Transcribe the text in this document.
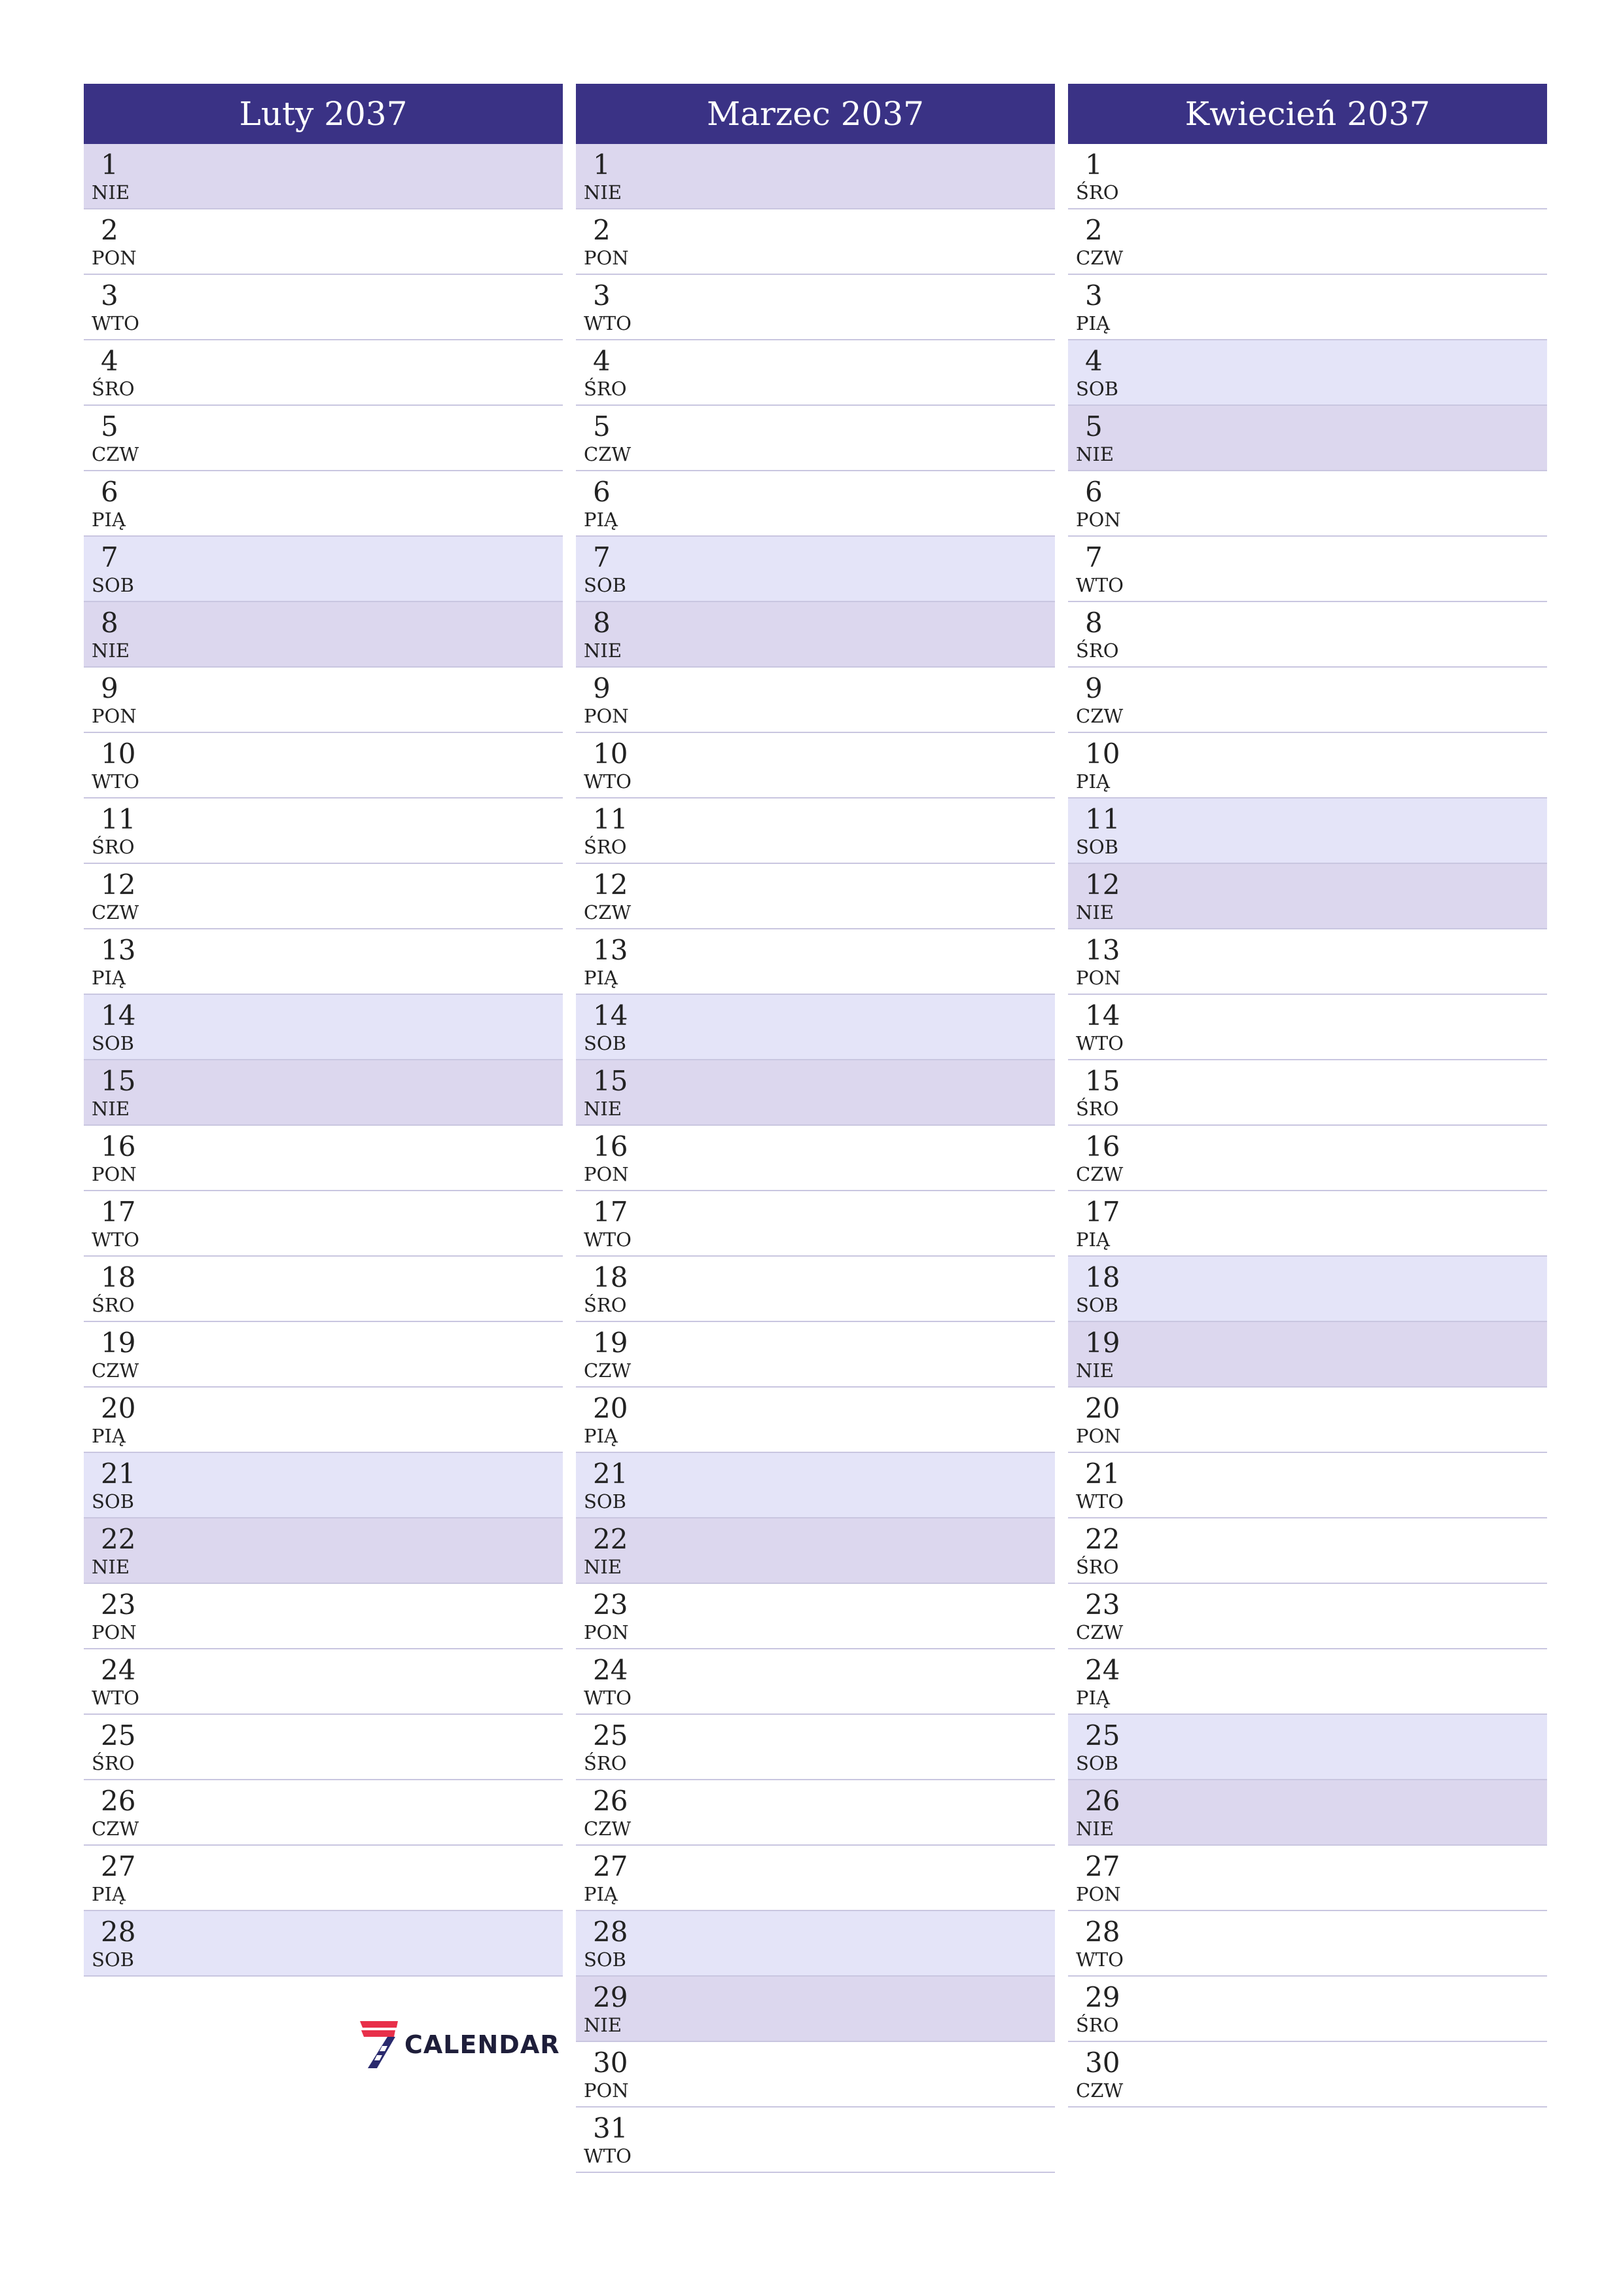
Luty 2037
1
NIE
2
PON
3
WTO
4
ŚRO
5
CZW
6
PIĄ
7
SOB
8
NIE
9
PON
10
WTO
11
ŚRO
12
CZW
13
PIĄ
14
SOB
15
NIE
16
PON
17
WTO
18
ŚRO
19
CZW
20
PIĄ
21
SOB
22
NIE
23
PON
24
WTO
25
ŚRO
26
CZW
27
PIĄ
28
SOB
Marzec 2037
1
NIE
2
PON
3
WTO
4
ŚRO
5
CZW
6
PIĄ
7
SOB
8
NIE
9
PON
10
WTO
11
ŚRO
12
CZW
13
PIĄ
14
SOB
15
NIE
16
PON
17
WTO
18
ŚRO
19
CZW
20
PIĄ
21
SOB
22
NIE
23
PON
24
WTO
25
ŚRO
26
CZW
27
PIĄ
28
SOB
29
NIE
30
PON
31
WTO
Kwiecień 2037
1
ŚRO
2
CZW
3
PIĄ
4
SOB
5
NIE
6
PON
7
WTO
8
ŚRO
9
CZW
10
PIĄ
11
SOB
12
NIE
13
PON
14
WTO
15
ŚRO
16
CZW
17
PIĄ
18
SOB
19
NIE
20
PON
21
WTO
22
ŚRO
23
CZW
24
PIĄ
25
SOB
26
NIE
27
PON
28
WTO
29
ŚRO
30
CZW
CALENDAR
